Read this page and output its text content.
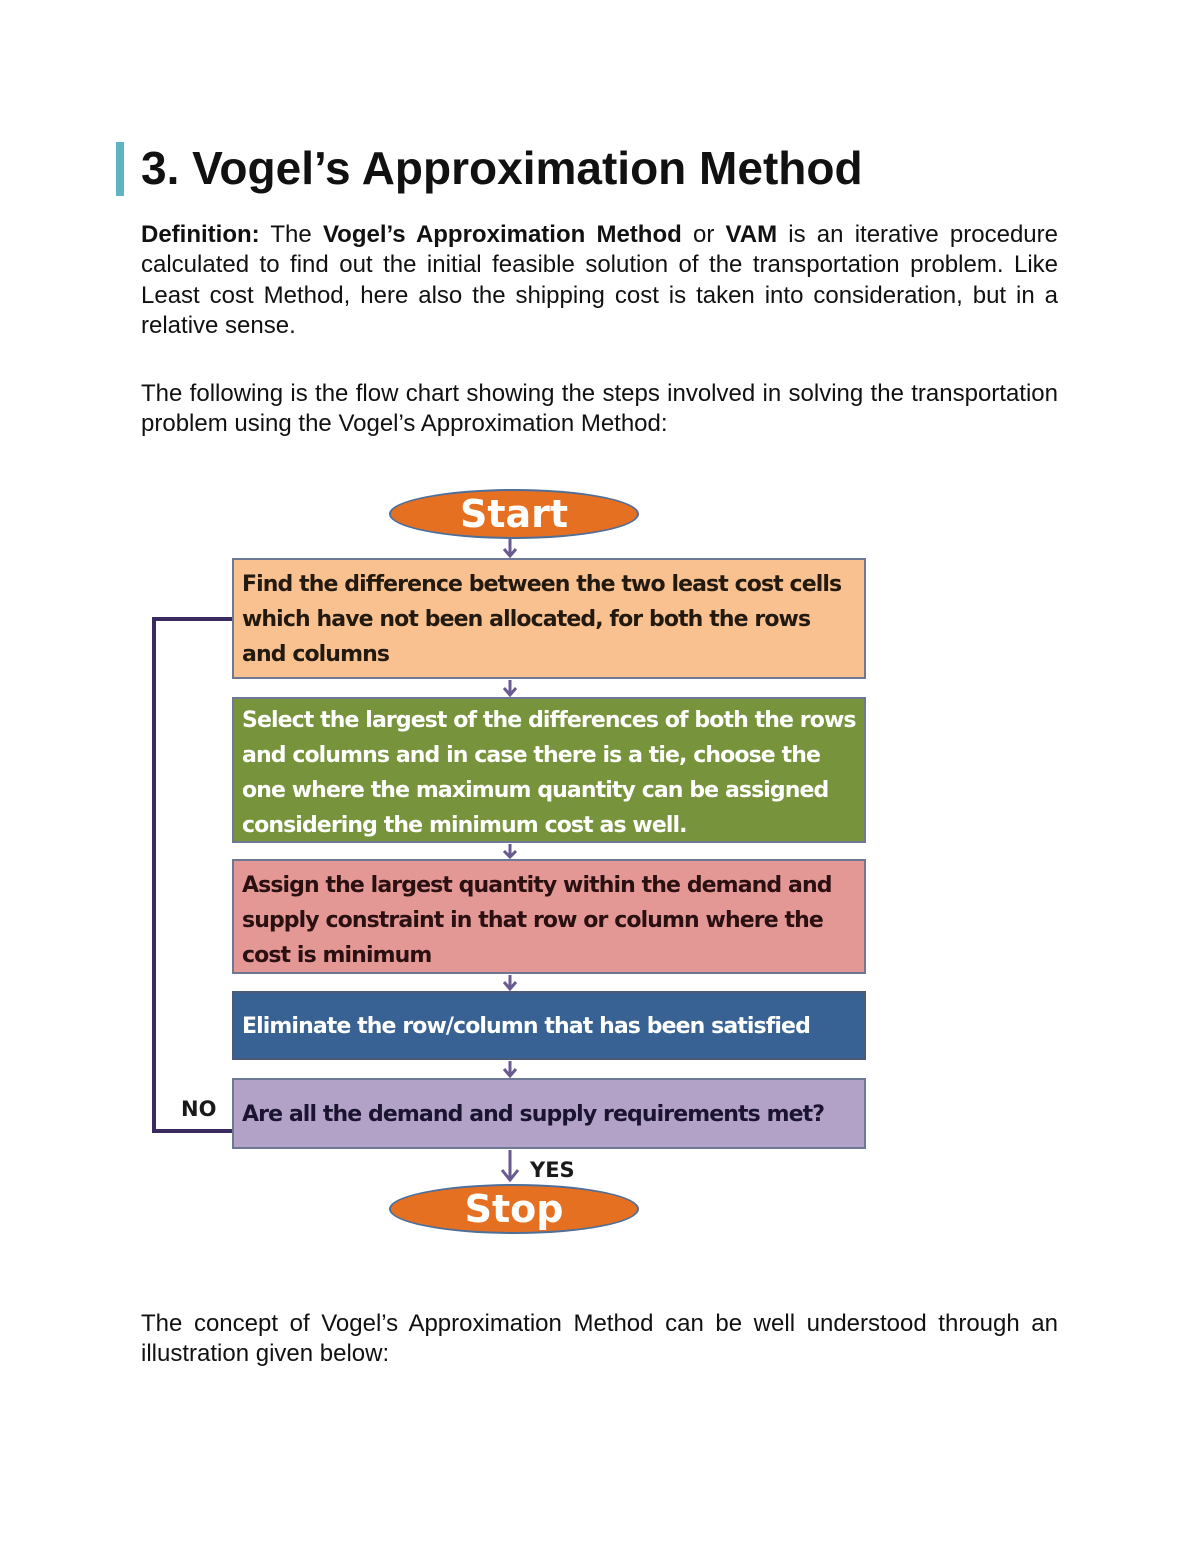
3. Vogel’s Approximation Method

Definition: The Vogel’s Approximation Method or VAM is an iterative procedure calculated to find out the initial feasible solution of the transportation problem. Like Least cost Method, here also the shipping cost is taken into consideration, but in a relative sense.

The following is the flow chart showing the steps involved in solving the transportation problem using the Vogel’s Approximation Method:

Start
Find the difference between the two least cost cells which have not been allocated, for both the rows and columns
Select the largest of the differences of both the rows and columns and in case there is a tie, choose the one where the maximum quantity can be assigned considering the minimum cost as well.
Assign the largest quantity within the demand and supply constraint in that row or column where the cost is minimum
Eliminate the row/column that has been satisfied
Are all the demand and supply requirements met?
NO
YES
Stop

The concept of Vogel’s Approximation Method can be well understood through an illustration given below:
